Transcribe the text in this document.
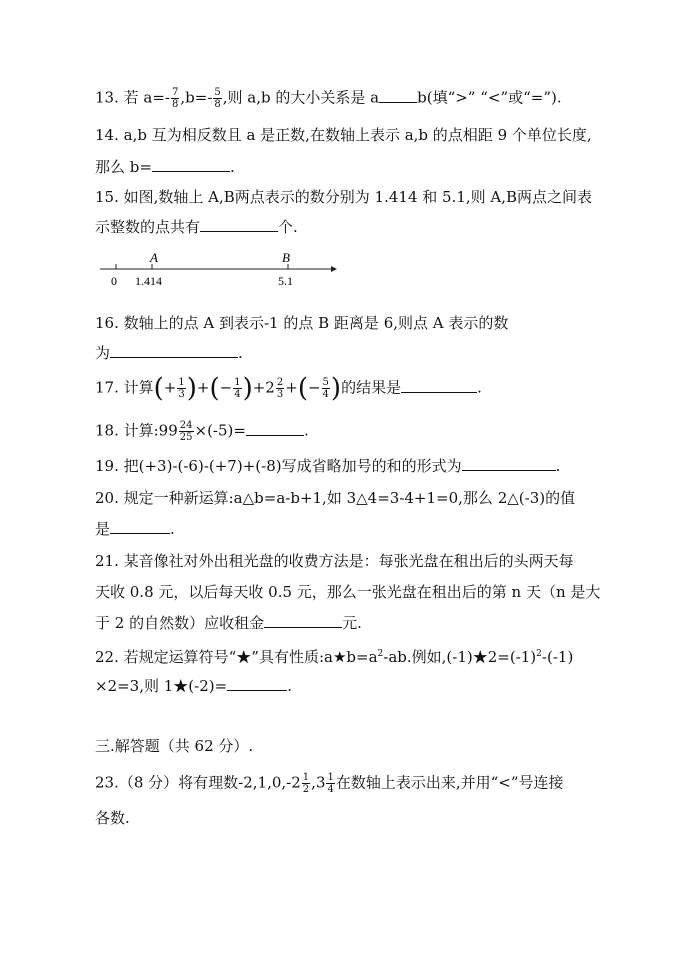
13. 若 $a=- \frac{7}{8} ,b=- \frac{5}{8}$ ,则 a,b 的大小关系是 a	b(填“>” “<”或“=”).
14. a,b 互为相反数且 a 是正数,在数轴上表示 a,b 的点相距 9 个单位长度,
那么 b=	.
15. 如图,数轴上 A,B两点表示的数分别为 1.414 和 5.1,则 A,B两点之间表
示整数的点共有	个.
A	B
0 1.414	5.1
16. 数轴上的点 A 到表示-1 的点 B 距离是 6,则点 A 表示的数
为	.
17. 计算(+ $\frac{1}{3}$ )+(− $\frac{1}{4} )+2 \frac{2}{3}$ +(− $\frac{5}{4}$ )的结果是	.
18. 计算:99 $\frac{24}{25} \times(-5)=$	.
19. 把(+3)-(-6)-(+7)+(-8)写成省略加号的和的形式为	.
20. 规定一种新运算:a△b=a-b+1,如 3△4=3-4+1=0,那么 2△(-3)的值
是	.
21. 某音像社对外出租光盘的收费方法是：每张光盘在租出后的头两天每
天收 0.8 元，以后每天收 0.5 元，那么一张光盘在租出后的第 n 天（n 是大
于 2 的自然数）应收租金	元.
22. 若规定运算符号“★”具有性质$:a★b=a^2-ab$.例如$,(-1)★2=(-1)^2-(-1)$
×2=3,则 1★(-2)=	.
三.解答题（共 62 分）.
23.（8 分）将有理数$-2,1,0,-2 \frac{1}{2} ,3 \frac{1}{4}$ 在数轴上表示出来,并用“<”号连接
各数.
